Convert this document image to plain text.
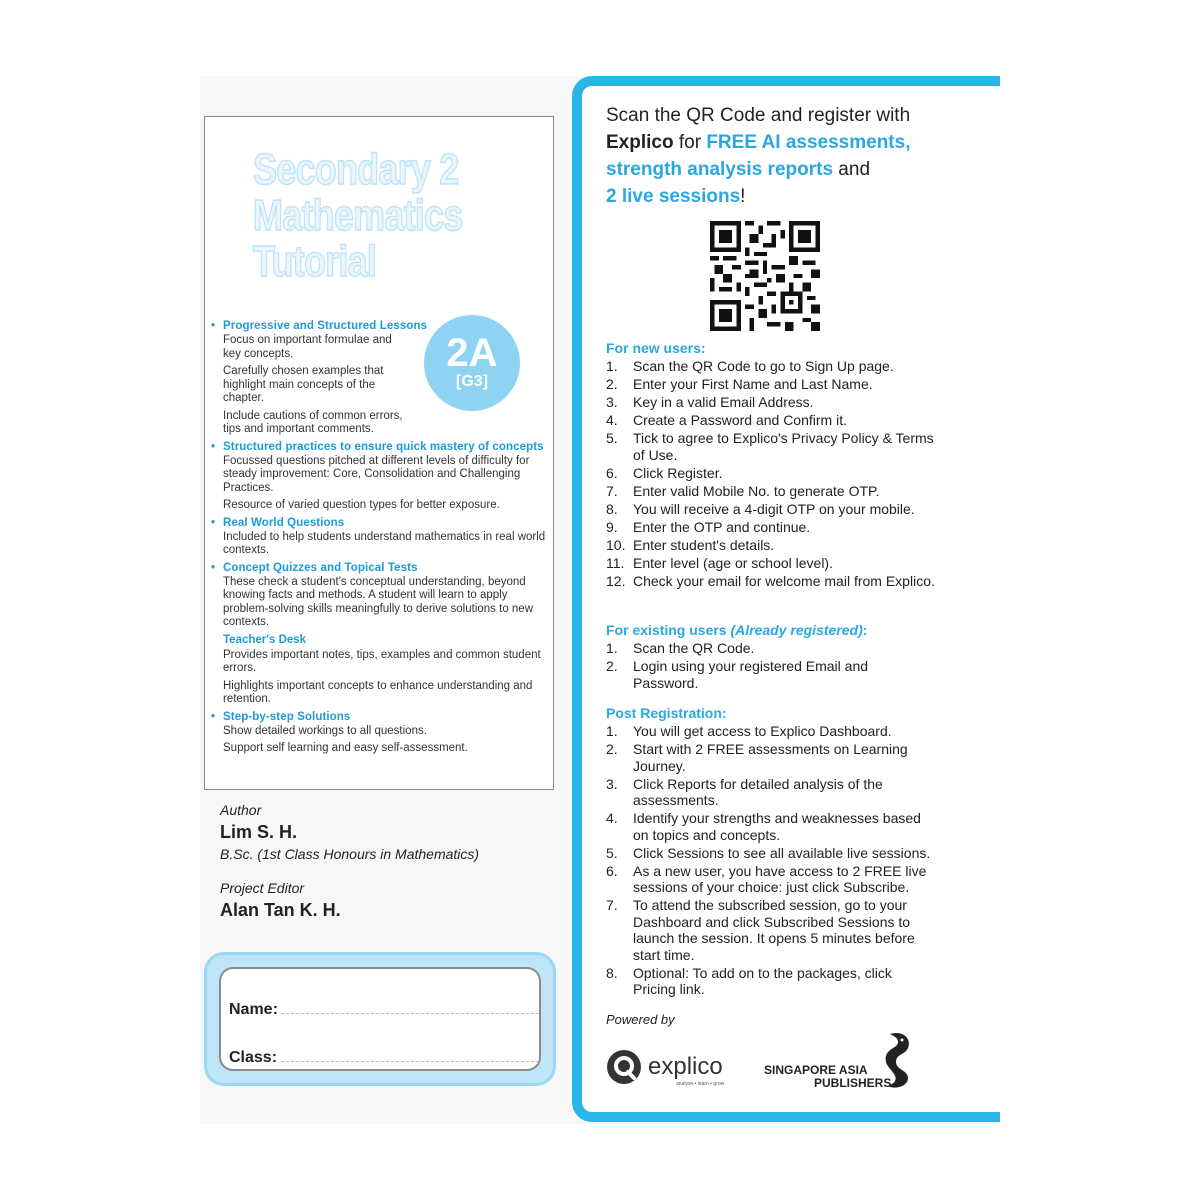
Secondary 2
Mathematics
Tutorial
2A
[G3]
• Progressive and Structured Lessons

Focus on important formulae and key concepts.

Carefully chosen examples that highlight main concepts of the chapter.

Include cautions of common errors, tips and important comments.

• Structured practices to ensure quick mastery of concepts

Focussed questions pitched at different levels of difficulty for steady improvement: Core, Consolidation and Challenging Practices.

Resource of varied question types for better exposure.

• Real World Questions

Included to help students understand mathematics in real world contexts.

• Concept Quizzes and Topical Tests

These check a student's conceptual understanding, beyond knowing facts and methods. A student will learn to apply problem-solving skills meaningfully to derive solutions to new contexts.

Teacher's Desk

Provides important notes, tips, examples and common student errors.

Highlights important concepts to enhance understanding and retention.

• Step-by-step Solutions

Show detailed workings to all questions.

Support self learning and easy self-assessment.

Author

Lim S. H.

B.Sc. (1st Class Honours in Mathematics)

Project Editor

Alan Tan K. H.

Name:
Class:
Scan the QR Code and register with
Explico for FREE AI assessments,
strength analysis reports and
2 live sessions!

For new users:

1. Scan the QR Code to go to Sign Up page.
2. Enter your First Name and Last Name.
3. Key in a valid Email Address.
4. Create a Password and Confirm it.
5. Tick to agree to Explico's Privacy Policy & Terms of Use.
6. Click Register.
7. Enter valid Mobile No. to generate OTP.
8. You will receive a 4-digit OTP on your mobile.
9. Enter the OTP and continue.
10. Enter student's details.
11. Enter level (age or school level).
12. Check your email for welcome mail from Explico.

For existing users (Already registered):

1. Scan the QR Code.
2. Login using your registered Email and Password.

Post Registration:

1. You will get access to Explico Dashboard.
2. Start with 2 FREE assessments on Learning Journey.
3. Click Reports for detailed analysis of the assessments.
4. Identify your strengths and weaknesses based on topics and concepts.
5. Click Sessions to see all available live sessions.
6. As a new user, you have access to 2 FREE live sessions of your choice: just click Subscribe.
7. To attend the subscribed session, go to your Dashboard and click Subscribed Sessions to launch the session. It opens 5 minutes before start time.
8. Optional: To add on to the packages, click Pricing link.
Powered by
explico
analyse • learn • grow
SINGAPORE ASIA
PUBLISHERS
